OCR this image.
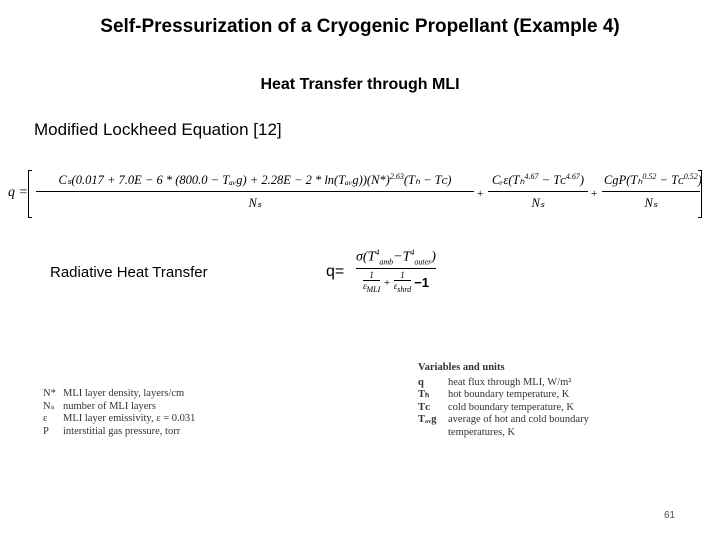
Self-Pressurization of a Cryogenic Propellant (Example 4)
Heat Transfer through MLI
Modified Lockheed Equation [12]
q =
Cₛ(0.017 + 7.0E − 6 * (800.0 − Tₐᵥg) + $2.28E - 2 * \ln(T_aᵥg))(N*)^{2.63}(T_h$ − Tᴄ)
Nₛ
+
Cᵣε(Tₕ$^{4.67}$ − Tᴄ$^{4.67}$)
Nₛ
+
CɡP(Tₕ$^{0.52}$ − Tᴄ$^{0.52}$)
Nₛ
Radiative Heat Transfer	q=
$\sigma(T^4_{amb}-T^4_{outer})$
$\frac{1}{\varepsilon_{MLI}} + \frac{1}{\varepsilon_{shrd}} -1$
N* MLI layer density, layers/cm
Nₛ number of MLI layers
ε	MLI layer emissivity, ε = 0.031
P	interstitial gas pressure, torr
Variables and units
q	heat flux through MLI, W/m²
Tₕ	hot boundary temperature, K
Tᴄ	cold boundary temperature, K
Tₐᵥg	average of hot and cold boundary
temperatures, K
61
